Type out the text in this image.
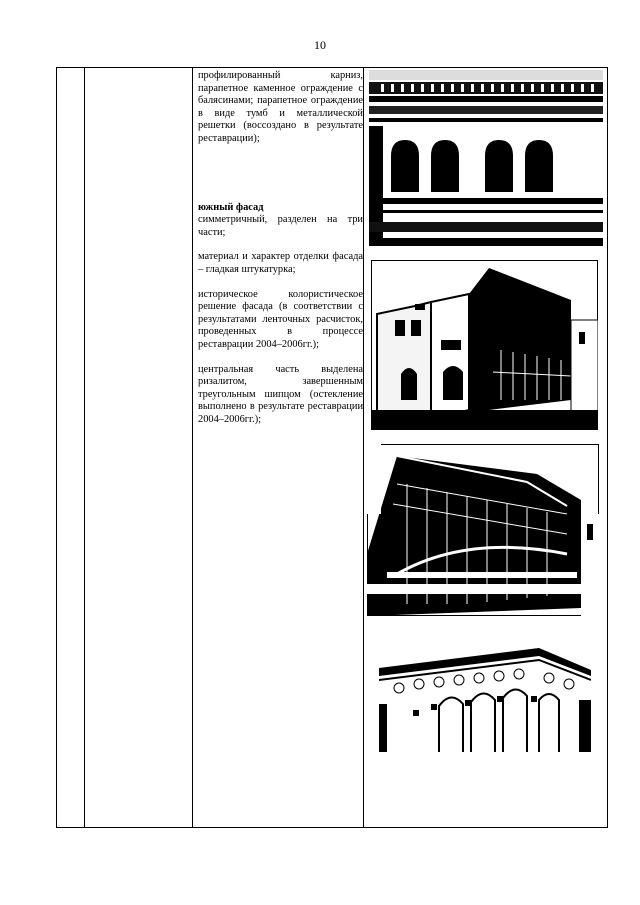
10

профилированный карниз, парапетное каменное ограждение с балясинами; парапетное ограждение в виде тумб и металлической решетки (воссоздано в результате реставрации);

южный фасад
симметричный, разделен на три части;

материал и характер отделки фасада – гладкая штукатурка;

историческое колористическое решение фасада (в соответствии с результатами ленточных расчисток, проведенных в процессе реставрации 2004–2006гг.);

центральная часть выделена ризалитом, завершенным треугольным шипцом (остекление выполнено в результате реставрации 2004–2006гг.);
